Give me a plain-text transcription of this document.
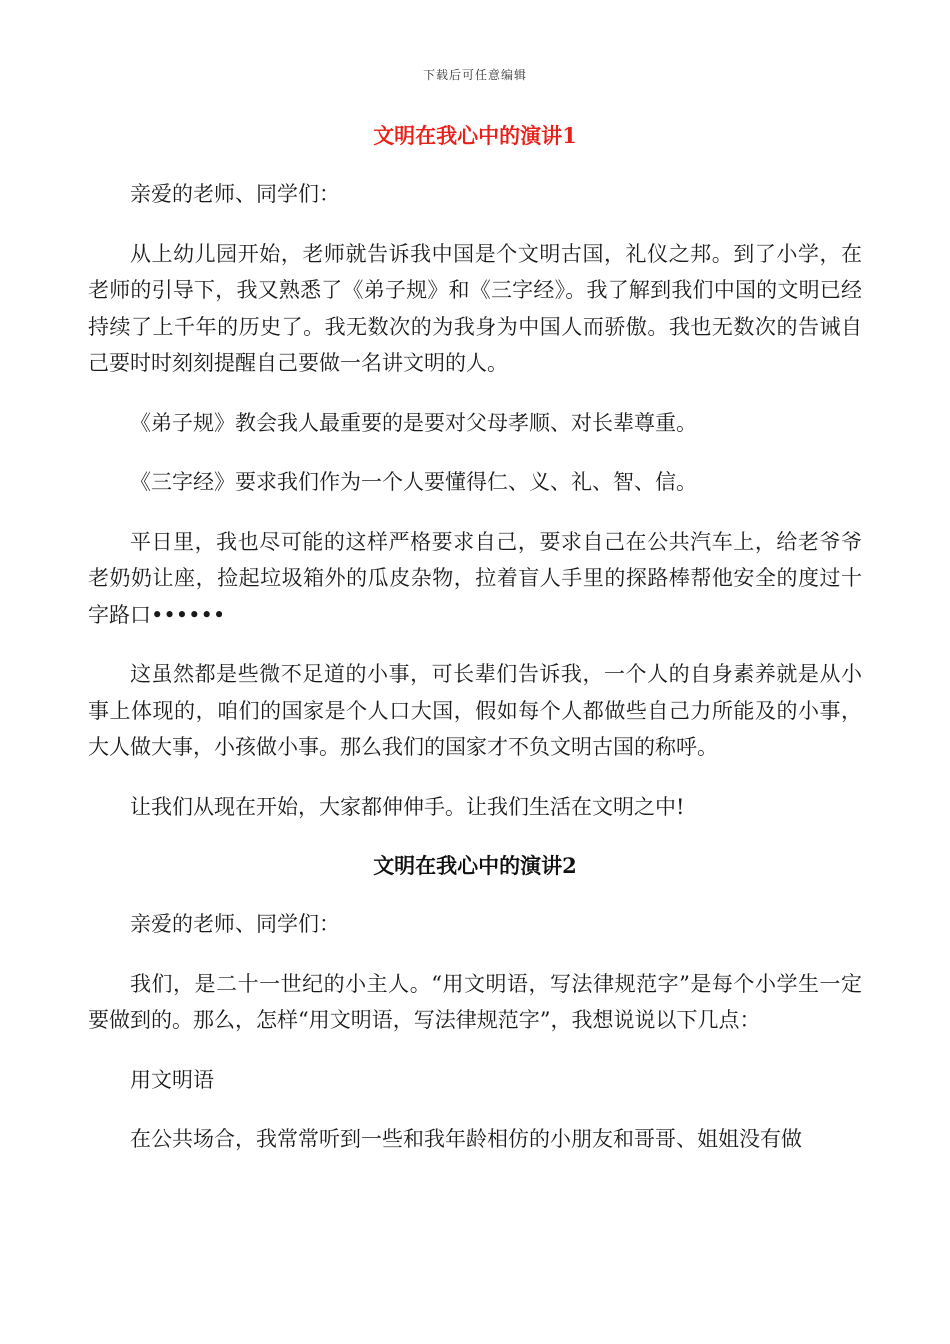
下载后可任意编辑
文明在我心中的演讲1

亲爱的老师、同学们：

从上幼儿园开始，老师就告诉我中国是个文明古国，礼仪之邦。到了小学，在老师的引导下，我又熟悉了《弟子规》和《三字经》。我了解到我们中国的文明已经持续了上千年的历史了。我无数次的为我身为中国人而骄傲。我也无数次的告诫自己要时时刻刻提醒自己要做一名讲文明的人。

《弟子规》教会我人最重要的是要对父母孝顺、对长辈尊重。

《三字经》要求我们作为一个人要懂得仁、义、礼、智、信。

平日里，我也尽可能的这样严格要求自己，要求自己在公共汽车上，给老爷爷老奶奶让座，捡起垃圾箱外的瓜皮杂物，拉着盲人手里的探路棒帮他安全的度过十字路口••••••

这虽然都是些微不足道的小事，可长辈们告诉我，一个人的自身素养就是从小事上体现的，咱们的国家是个人口大国，假如每个人都做些自己力所能及的小事，大人做大事，小孩做小事。那么我们的国家才不负文明古国的称呼。

让我们从现在开始，大家都伸伸手。让我们生活在文明之中!

文明在我心中的演讲2

亲爱的老师、同学们：

我们，是二十一世纪的小主人。“用文明语，写法律规范字”是每个小学生一定要做到的。那么，怎样“用文明语，写法律规范字”，我想说说以下几点：

用文明语

在公共场合，我常常听到一些和我年龄相仿的小朋友和哥哥、姐姐没有做
